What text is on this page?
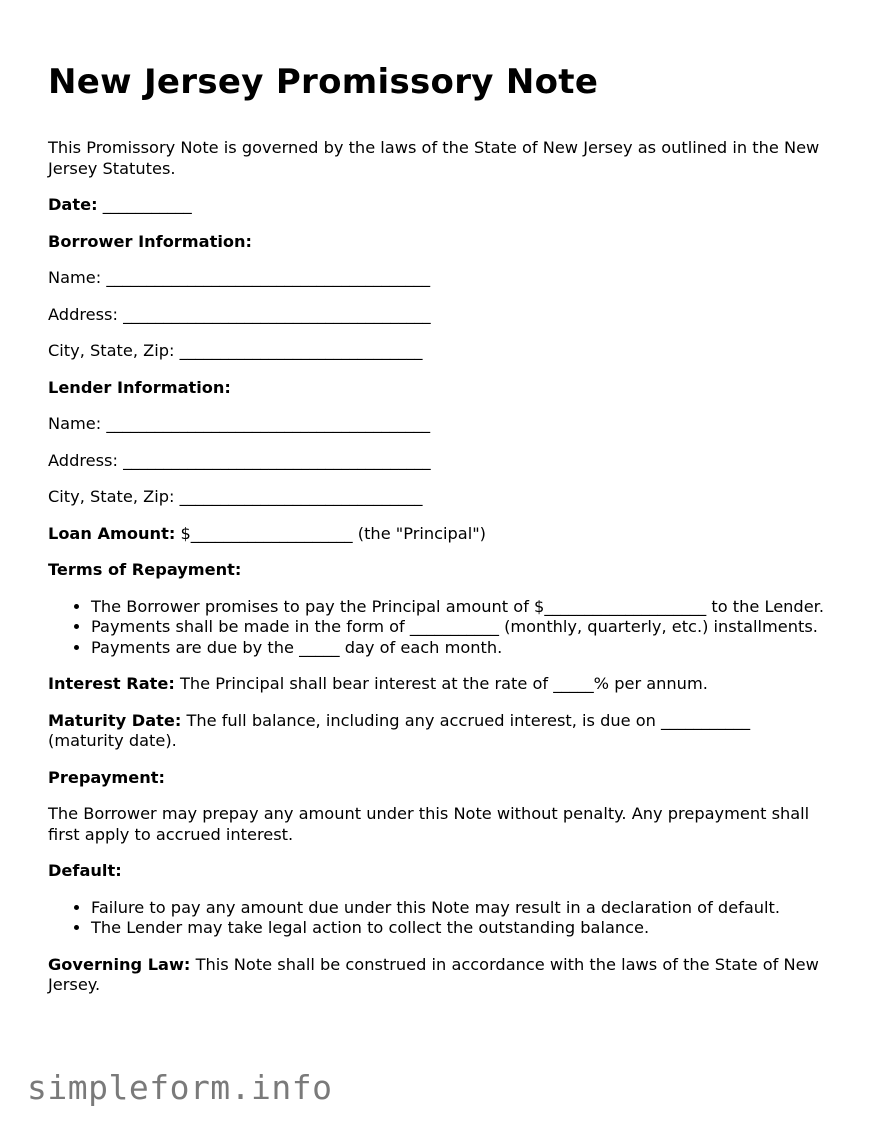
New Jersey Promissory Note

This Promissory Note is governed by the laws of the State of New Jersey as outlined in the New Jersey Statutes.

Date: ___________

Borrower Information:

Name: ________________________________________

Address: ______________________________________

City, State, Zip: ______________________________

Lender Information:

Name: ________________________________________

Address: ______________________________________

City, State, Zip: ______________________________

Loan Amount: $____________________ (the "Principal")

Terms of Repayment:

• The Borrower promises to pay the Principal amount of $____________________ to the Lender.
• Payments shall be made in the form of ___________ (monthly, quarterly, etc.) installments.
• Payments are due by the _____ day of each month.

Interest Rate: The Principal shall bear interest at the rate of _____% per annum.

Maturity Date: The full balance, including any accrued interest, is due on ___________ (maturity date).

Prepayment:

The Borrower may prepay any amount under this Note without penalty. Any prepayment shall first apply to accrued interest.

Default:

• Failure to pay any amount due under this Note may result in a declaration of default.
• The Lender may take legal action to collect the outstanding balance.

Governing Law: This Note shall be construed in accordance with the laws of the State of New Jersey.

simpleform.info
